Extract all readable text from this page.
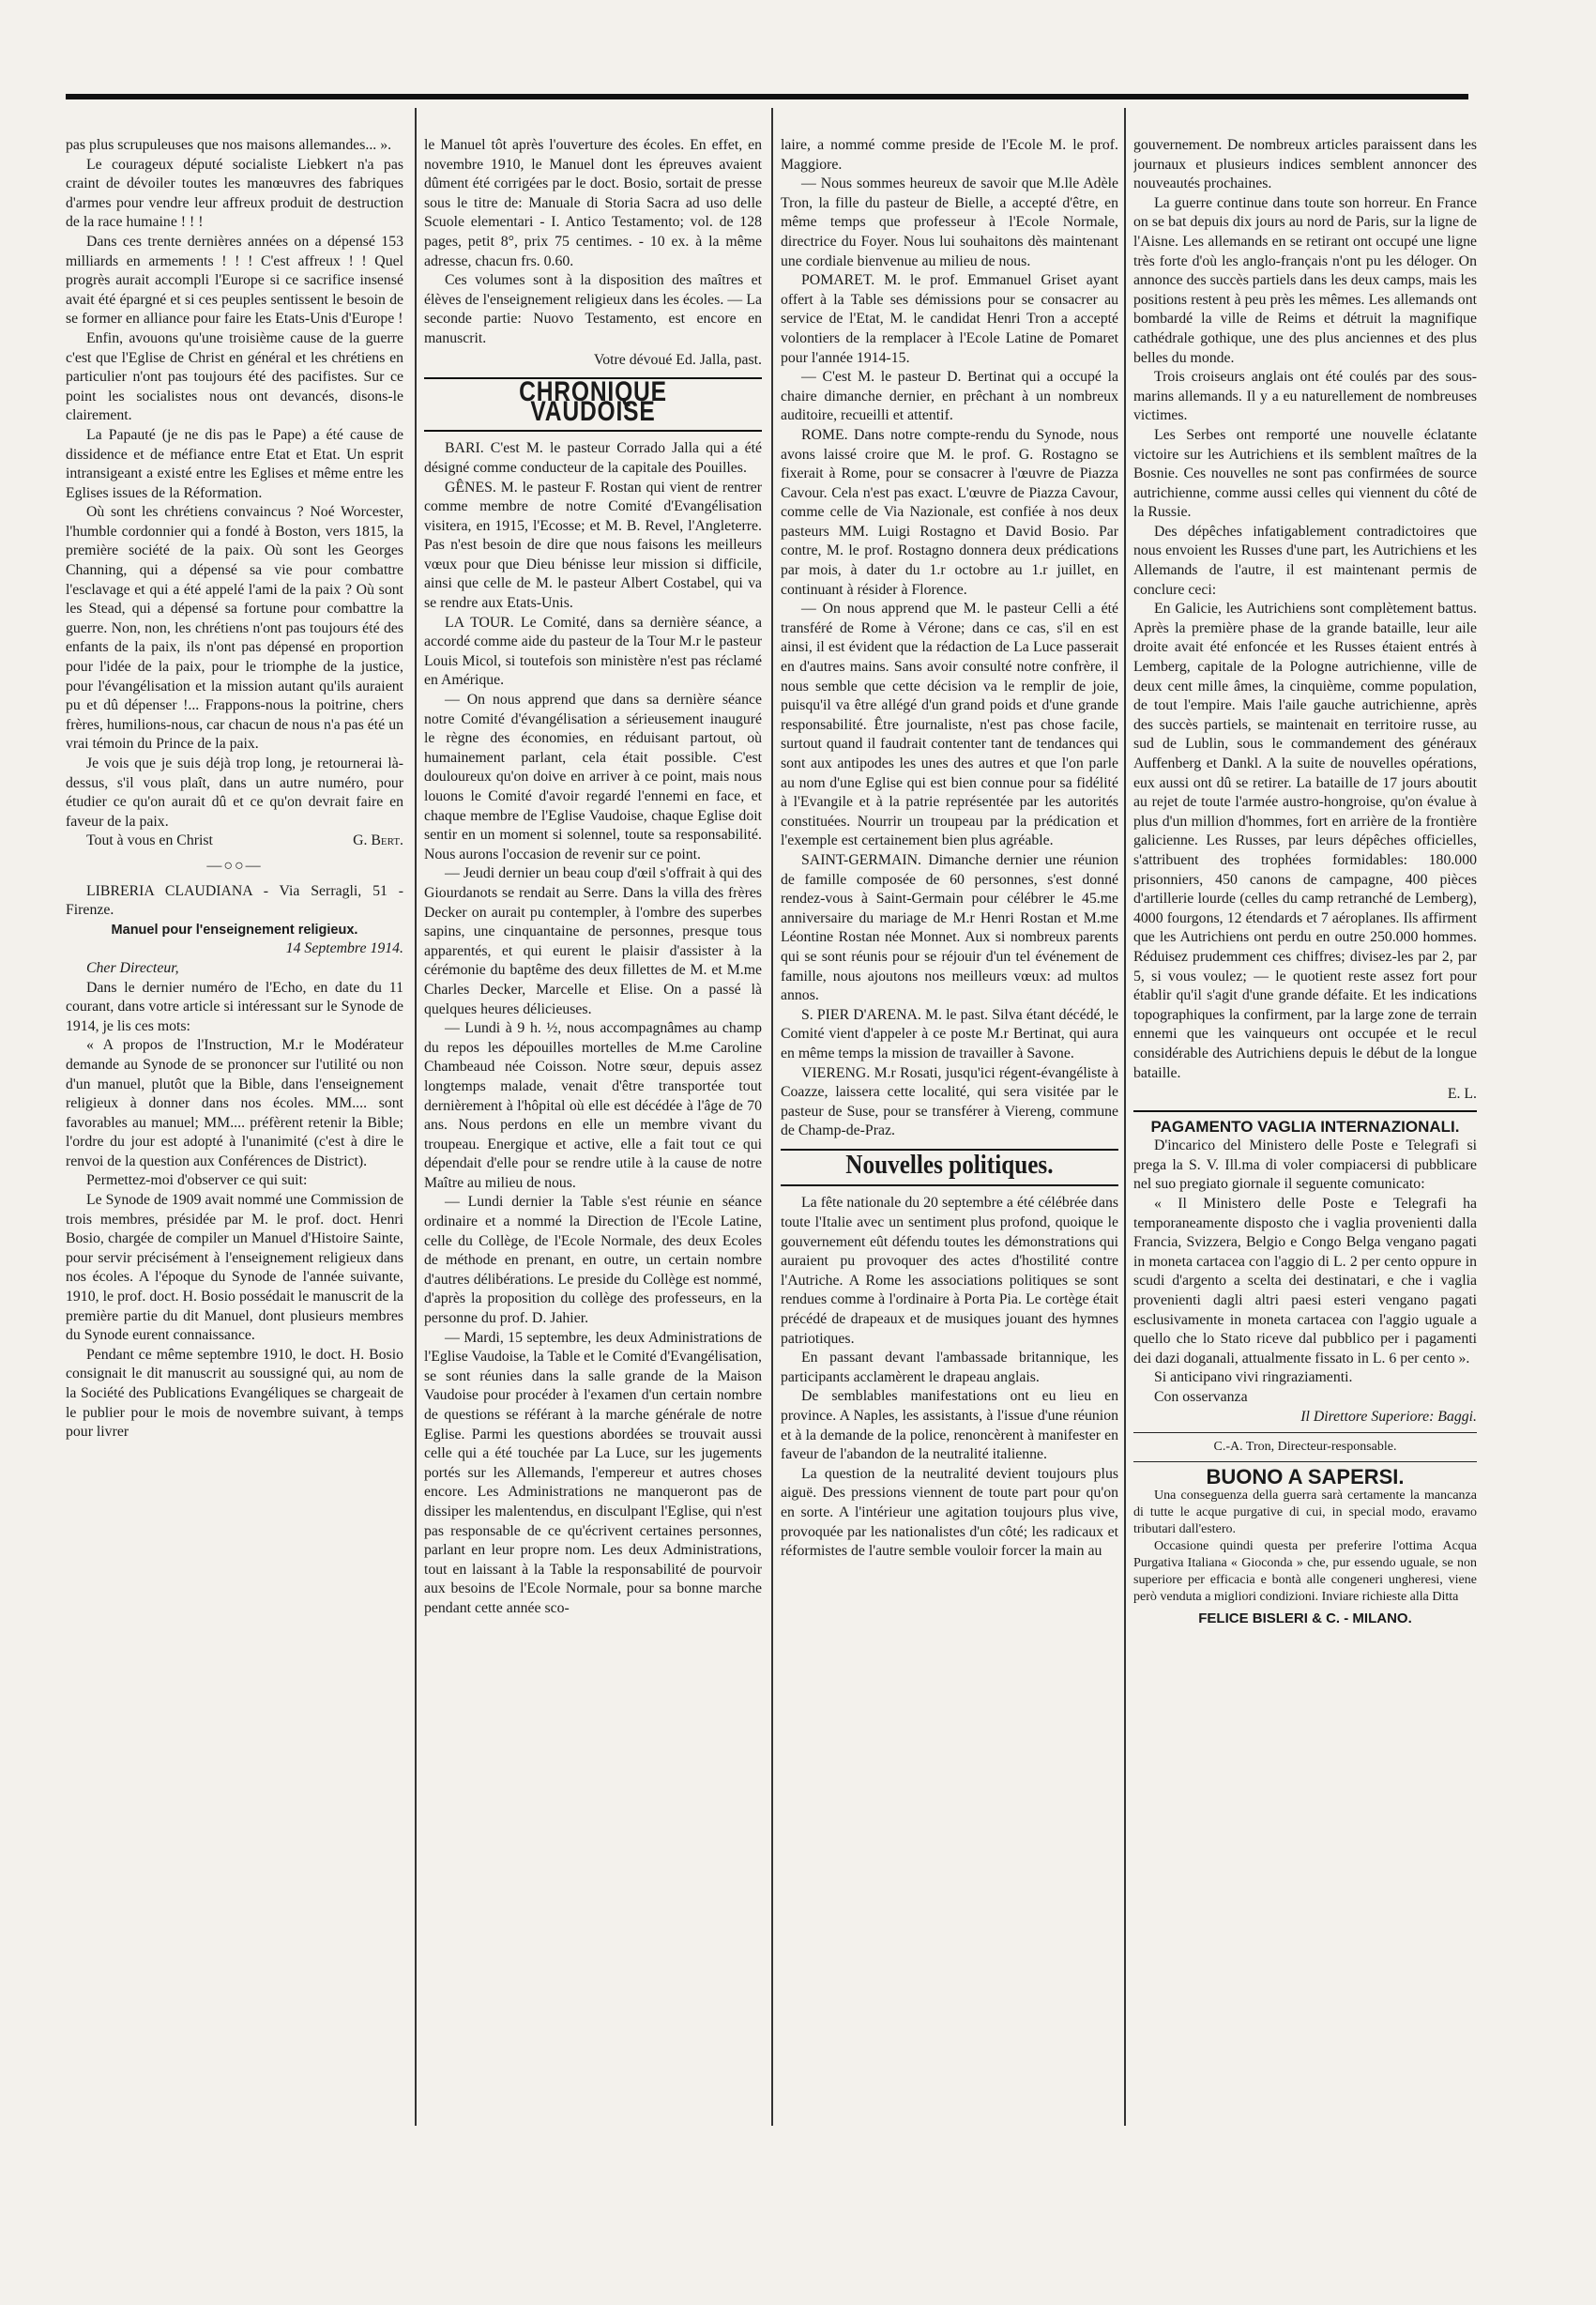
pas plus scrupuleuses que nos maisons allemandes... ».

Le courageux député socialiste Liebkert n'a pas craint de dévoiler toutes les manœuvres des fabriques d'armes pour vendre leur affreux produit de destruction de la race humaine ! ! !

Dans ces trente dernières années on a dépensé 153 milliards en armements ! ! ! C'est affreux ! ! Quel progrès aurait accompli l'Europe si ce sacrifice insensé avait été épargné et si ces peuples sentissent le besoin de se former en alliance pour faire les Etats-Unis d'Europe !

Enfin, avouons qu'une troisième cause de la guerre c'est que l'Eglise de Christ en général et les chrétiens en particulier n'ont pas toujours été des pacifistes. Sur ce point les socialistes nous ont devancés, disons-le clairement.

La Papauté (je ne dis pas le Pape) a été cause de dissidence et de méfiance entre Etat et Etat. Un esprit intransigeant a existé entre les Eglises et même entre les Eglises issues de la Réformation.

Où sont les chrétiens convaincus ? Noé Worcester, l'humble cordonnier qui a fondé à Boston, vers 1815, la première société de la paix. Où sont les Georges Channing, qui a dépensé sa vie pour combattre l'esclavage et qui a été appelé l'ami de la paix ? Où sont les Stead, qui a dépensé sa fortune pour combattre la guerre. Non, non, les chrétiens n'ont pas toujours été des enfants de la paix, ils n'ont pas dépensé en proportion pour l'idée de la paix, pour le triomphe de la justice, pour l'évangélisation et la mission autant qu'ils auraient pu et dû dépenser !... Frappons-nous la poitrine, chers frères, humilions-nous, car chacun de nous n'a pas été un vrai témoin du Prince de la paix.

Je vois que je suis déjà trop long, je retournerai là-dessus, s'il vous plaît, dans un autre numéro, pour étudier ce qu'on aurait dû et ce qu'on devrait faire en faveur de la paix.

Tout à vous en Christ	G. Bert.
—○○—

LIBRERIA CLAUDIANA - Via Serragli, 51 - Firenze.

Manuel pour l'enseignement religieux.

14 Septembre 1914.

Cher Directeur,

Dans le dernier numéro de l'Echo, en date du 11 courant, dans votre article si intéressant sur le Synode de 1914, je lis ces mots:

« A propos de l'Instruction, M.r le Modérateur demande au Synode de se prononcer sur l'utilité ou non d'un manuel, plutôt que la Bible, dans l'enseignement religieux à donner dans nos écoles. MM.... sont favorables au manuel; MM.... préfèrent retenir la Bible; l'ordre du jour est adopté à l'unanimité (c'est à dire le renvoi de la question aux Conférences de District).

Permettez-moi d'observer ce qui suit:

Le Synode de 1909 avait nommé une Commission de trois membres, présidée par M. le prof. doct. Henri Bosio, chargée de compiler un Manuel d'Histoire Sainte, pour servir précisément à l'enseignement religieux dans nos écoles. A l'époque du Synode de l'année suivante, 1910, le prof. doct. H. Bosio possédait le manuscrit de la première partie du dit Manuel, dont plusieurs membres du Synode eurent connaissance.

Pendant ce même septembre 1910, le doct. H. Bosio consignait le dit manuscrit au soussigné qui, au nom de la Société des Publications Evangéliques se chargeait de le publier pour le mois de novembre suivant, à temps pour livrer

le Manuel tôt après l'ouverture des écoles. En effet, en novembre 1910, le Manuel dont les épreuves avaient dûment été corrigées par le doct. Bosio, sortait de presse sous le titre de: Manuale di Storia Sacra ad uso delle Scuole elementari - I. Antico Testamento; vol. de 128 pages, petit 8°, prix 75 centimes. - 10 ex. à la même adresse, chacun frs. 0.60.

Ces volumes sont à la disposition des maîtres et élèves de l'enseignement religieux dans les écoles. — La seconde partie: Nuovo Testamento, est encore en manuscrit.

Votre dévoué Ed. Jalla, past.

CHRONIQUE VAUDOISE

BARI. C'est M. le pasteur Corrado Jalla qui a été désigné comme conducteur de la capitale des Pouilles.

GÊNES. M. le pasteur F. Rostan qui vient de rentrer comme membre de notre Comité d'Evangélisation visitera, en 1915, l'Ecosse; et M. B. Revel, l'Angleterre. Pas n'est besoin de dire que nous faisons les meilleurs vœux pour que Dieu bénisse leur mission si difficile, ainsi que celle de M. le pasteur Albert Costabel, qui va se rendre aux Etats-Unis.

LA TOUR. Le Comité, dans sa dernière séance, a accordé comme aide du pasteur de la Tour M.r le pasteur Louis Micol, si toutefois son ministère n'est pas réclamé en Amérique.

— On nous apprend que dans sa dernière séance notre Comité d'évangélisation a sérieusement inauguré le règne des économies, en réduisant partout, où humainement parlant, cela était possible. C'est douloureux qu'on doive en arriver à ce point, mais nous louons le Comité d'avoir regardé l'ennemi en face, et chaque membre de l'Eglise Vaudoise, chaque Eglise doit sentir en un moment si solennel, toute sa responsabilité. Nous aurons l'occasion de revenir sur ce point.

— Jeudi dernier un beau coup d'œil s'offrait à qui des Giourdanots se rendait au Serre. Dans la villa des frères Decker on aurait pu contempler, à l'ombre des superbes sapins, une cinquantaine de personnes, presque tous apparentés, et qui eurent le plaisir d'assister à la cérémonie du baptême des deux fillettes de M. et M.me Charles Decker, Marcelle et Elise. On a passé là quelques heures délicieuses.

— Lundi à 9 h. ½, nous accompagnâmes au champ du repos les dépouilles mortelles de M.me Caroline Chambeaud née Coisson. Notre sœur, depuis assez longtemps malade, venait d'être transportée tout dernièrement à l'hôpital où elle est décédée à l'âge de 70 ans. Nous perdons en elle un membre vivant du troupeau. Energique et active, elle a fait tout ce qui dépendait d'elle pour se rendre utile à la cause de notre Maître au milieu de nous.

— Lundi dernier la Table s'est réunie en séance ordinaire et a nommé la Direction de l'Ecole Latine, celle du Collège, de l'Ecole Normale, des deux Ecoles de méthode en prenant, en outre, un certain nombre d'autres délibérations. Le preside du Collège est nommé, d'après la proposition du collège des professeurs, en la personne du prof. D. Jahier.

— Mardi, 15 septembre, les deux Administrations de l'Eglise Vaudoise, la Table et le Comité d'Evangélisation, se sont réunies dans la salle grande de la Maison Vaudoise pour procéder à l'examen d'un certain nombre de questions se référant à la marche générale de notre Eglise. Parmi les questions abordées se trouvait aussi celle qui a été touchée par La Luce, sur les jugements portés sur les Allemands, l'empereur et autres choses encore. Les Administrations ne manqueront pas de dissiper les malentendus, en disculpant l'Eglise, qui n'est pas responsable de ce qu'écrivent certaines personnes, parlant en leur propre nom. Les deux Administrations, tout en laissant à la Table la responsabilité de pourvoir aux besoins de l'Ecole Normale, pour sa bonne marche pendant cette année sco-

laire, a nommé comme preside de l'Ecole M. le prof. Maggiore.

— Nous sommes heureux de savoir que M.lle Adèle Tron, la fille du pasteur de Bielle, a accepté d'être, en même temps que professeur à l'Ecole Normale, directrice du Foyer. Nous lui souhaitons dès maintenant une cordiale bienvenue au milieu de nous.

POMARET. M. le prof. Emmanuel Griset ayant offert à la Table ses démissions pour se consacrer au service de l'Etat, M. le candidat Henri Tron a accepté volontiers de la remplacer à l'Ecole Latine de Pomaret pour l'année 1914-15.

— C'est M. le pasteur D. Bertinat qui a occupé la chaire dimanche dernier, en prêchant à un nombreux auditoire, recueilli et attentif.

ROME. Dans notre compte-rendu du Synode, nous avons laissé croire que M. le prof. G. Rostagno se fixerait à Rome, pour se consacrer à l'œuvre de Piazza Cavour. Cela n'est pas exact. L'œuvre de Piazza Cavour, comme celle de Via Nazionale, est confiée à nos deux pasteurs MM. Luigi Rostagno et David Bosio. Par contre, M. le prof. Rostagno donnera deux prédications par mois, à dater du 1.r octobre au 1.r juillet, en continuant à résider à Florence.

— On nous apprend que M. le pasteur Celli a été transféré de Rome à Vérone; dans ce cas, s'il en est ainsi, il est évident que la rédaction de La Luce passerait en d'autres mains. Sans avoir consulté notre confrère, il nous semble que cette décision va le remplir de joie, puisqu'il va être allégé d'un grand poids et d'une grande responsabilité. Être journaliste, n'est pas chose facile, surtout quand il faudrait contenter tant de tendances qui sont aux antipodes les unes des autres et que l'on parle au nom d'une Eglise qui est bien connue pour sa fidélité à l'Evangile et à la patrie représentée par les autorités constituées. Nourrir un troupeau par la prédication et l'exemple est certainement bien plus agréable.

SAINT-GERMAIN. Dimanche dernier une réunion de famille composée de 60 personnes, s'est donné rendez-vous à Saint-Germain pour célébrer le 45.me anniversaire du mariage de M.r Henri Rostan et M.me Léontine Rostan née Monnet. Aux si nombreux parents qui se sont réunis pour se réjouir d'un tel événement de famille, nous ajoutons nos meilleurs vœux: ad multos annos.

S. PIER D'ARENA. M. le past. Silva étant décédé, le Comité vient d'appeler à ce poste M.r Bertinat, qui aura en même temps la mission de travailler à Savone.

VIERENG. M.r Rosati, jusqu'ici régent-évangéliste à Coazze, laissera cette localité, qui sera visitée par le pasteur de Suse, pour se transférer à Viereng, commune de Champ-de-Praz.

Nouvelles politiques.

La fête nationale du 20 septembre a été célébrée dans toute l'Italie avec un sentiment plus profond, quoique le gouvernement eût défendu toutes les démonstrations qui auraient pu provoquer des actes d'hostilité contre l'Autriche. A Rome les associations politiques se sont rendues comme à l'ordinaire à Porta Pia. Le cortège était précédé de drapeaux et de musiques jouant des hymnes patriotiques.

En passant devant l'ambassade britannique, les participants acclamèrent le drapeau anglais.

De semblables manifestations ont eu lieu en province. A Naples, les assistants, à l'issue d'une réunion et à la demande de la police, renoncèrent à manifester en faveur de l'abandon de la neutralité italienne.

La question de la neutralité devient toujours plus aiguë. Des pressions viennent de toute part pour qu'on en sorte. A l'intérieur une agitation toujours plus vive, provoquée par les nationalistes d'un côté; les radicaux et réformistes de l'autre semble vouloir forcer la main au

gouvernement. De nombreux articles paraissent dans les journaux et plusieurs indices semblent annoncer des nouveautés prochaines.

La guerre continue dans toute son horreur. En France on se bat depuis dix jours au nord de Paris, sur la ligne de l'Aisne. Les allemands en se retirant ont occupé une ligne très forte d'où les anglo-français n'ont pu les déloger. On annonce des succès partiels dans les deux camps, mais les positions restent à peu près les mêmes. Les allemands ont bombardé la ville de Reims et détruit la magnifique cathédrale gothique, une des plus anciennes et des plus belles du monde.

Trois croiseurs anglais ont été coulés par des sous-marins allemands. Il y a eu naturellement de nombreuses victimes.

Les Serbes ont remporté une nouvelle éclatante victoire sur les Autrichiens et ils semblent maîtres de la Bosnie. Ces nouvelles ne sont pas confirmées de source autrichienne, comme aussi celles qui viennent du côté de la Russie.

Des dépêches infatigablement contradictoires que nous envoient les Russes d'une part, les Autrichiens et les Allemands de l'autre, il est maintenant permis de conclure ceci:

En Galicie, les Autrichiens sont complètement battus. Après la première phase de la grande bataille, leur aile droite avait été enfoncée et les Russes étaient entrés à Lemberg, capitale de la Pologne autrichienne, ville de deux cent mille âmes, la cinquième, comme population, de tout l'empire. Mais l'aile gauche autrichienne, après des succès partiels, se maintenait en territoire russe, au sud de Lublin, sous le commandement des généraux Auffenberg et Dankl. A la suite de nouvelles opérations, eux aussi ont dû se retirer. La bataille de 17 jours aboutit au rejet de toute l'armée austro-hongroise, qu'on évalue à plus d'un million d'hommes, fort en arrière de la frontière galicienne. Les Russes, par leurs dépêches officielles, s'attribuent des trophées formidables: 180.000 prisonniers, 450 canons de campagne, 400 pièces d'artillerie lourde (celles du camp retranché de Lemberg), 4000 fourgons, 12 étendards et 7 aéroplanes. Ils affirment que les Autrichiens ont perdu en outre 250.000 hommes. Réduisez prudemment ces chiffres; divisez-les par 2, par 5, si vous voulez; — le quotient reste assez fort pour établir qu'il s'agit d'une grande défaite. Et les indications topographiques la confirment, par la large zone de terrain ennemi que les vainqueurs ont occupée et le recul considérable des Autrichiens depuis le début de la longue bataille.

E. L.

PAGAMENTO VAGLIA INTERNAZIONALI.

D'incarico del Ministero delle Poste e Telegrafi si prega la S. V. Ill.ma di voler compiacersi di pubblicare nel suo pregiato giornale il seguente comunicato:

« Il Ministero delle Poste e Telegrafi ha temporaneamente disposto che i vaglia provenienti dalla Francia, Svizzera, Belgio e Congo Belga vengano pagati in moneta cartacea con l'aggio di L. 2 per cento oppure in scudi d'argento a scelta dei destinatari, e che i vaglia provenienti dagli altri paesi esteri vengano pagati esclusivamente in moneta cartacea con l'aggio uguale a quello che lo Stato riceve dal pubblico per i pagamenti dei dazi doganali, attualmente fissato in L. 6 per cento ».

Si anticipano vivi ringraziamenti.

Con osservanza

Il Direttore Superiore: Baggi.

C.-A. Tron, Directeur-responsable.

BUONO A SAPERSI.

Una conseguenza della guerra sarà certamente la mancanza di tutte le acque purgative di cui, in special modo, eravamo tributari dall'estero.

Occasione quindi questa per preferire l'ottima Acqua Purgativa Italiana « Gioconda » che, pur essendo uguale, se non superiore per efficacia e bontà alle congeneri ungheresi, viene però venduta a migliori condizioni. Inviare richieste alla Ditta

FELICE BISLERI & C. - MILANO.
